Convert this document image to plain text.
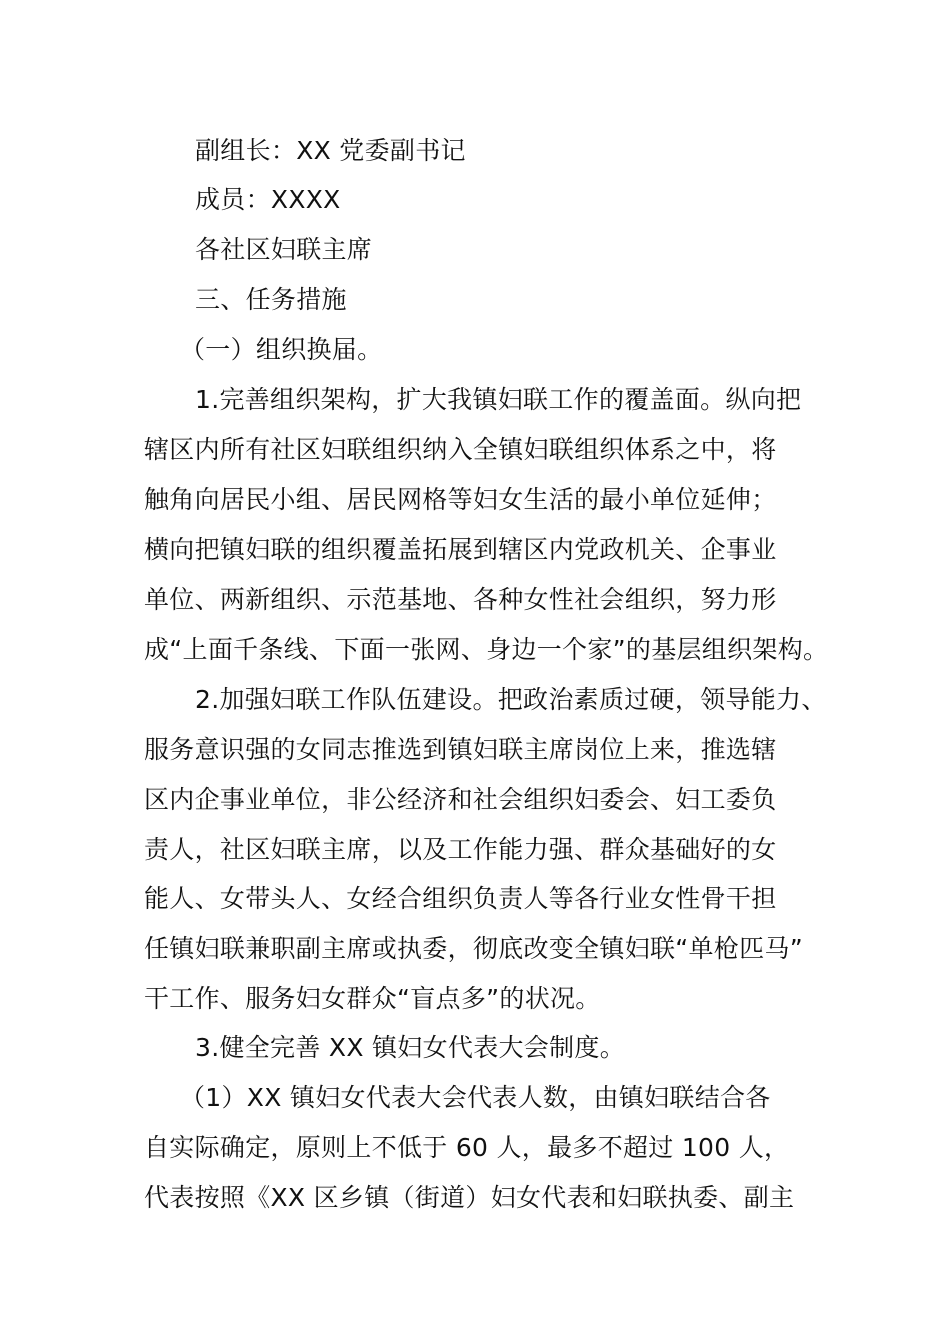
副组长：XX 党委副书记
成员：XXXX
各社区妇联主席
三、任务措施
（一）组织换届。
1.完善组织架构，扩大我镇妇联工作的覆盖面。纵向把
辖区内所有社区妇联组织纳入全镇妇联组织体系之中，将
触角向居民小组、居民网格等妇女生活的最小单位延伸；
横向把镇妇联的组织覆盖拓展到辖区内党政机关、企事业
单位、两新组织、示范基地、各种女性社会组织，努力形
成“上面千条线、下面一张网、身边一个家”的基层组织架构。
2.加强妇联工作队伍建设。把政治素质过硬，领导能力、
服务意识强的女同志推选到镇妇联主席岗位上来，推选辖
区内企事业单位，非公经济和社会组织妇委会、妇工委负
责人，社区妇联主席，以及工作能力强、群众基础好的女
能人、女带头人、女经合组织负责人等各行业女性骨干担
任镇妇联兼职副主席或执委，彻底改变全镇妇联“单枪匹马”
干工作、服务妇女群众“盲点多”的状况。
3.健全完善 XX 镇妇女代表大会制度。
（1）XX 镇妇女代表大会代表人数，由镇妇联结合各
自实际确定，原则上不低于 60 人，最多不超过 100 人，
代表按照《XX 区乡镇（街道）妇女代表和妇联执委、副主
